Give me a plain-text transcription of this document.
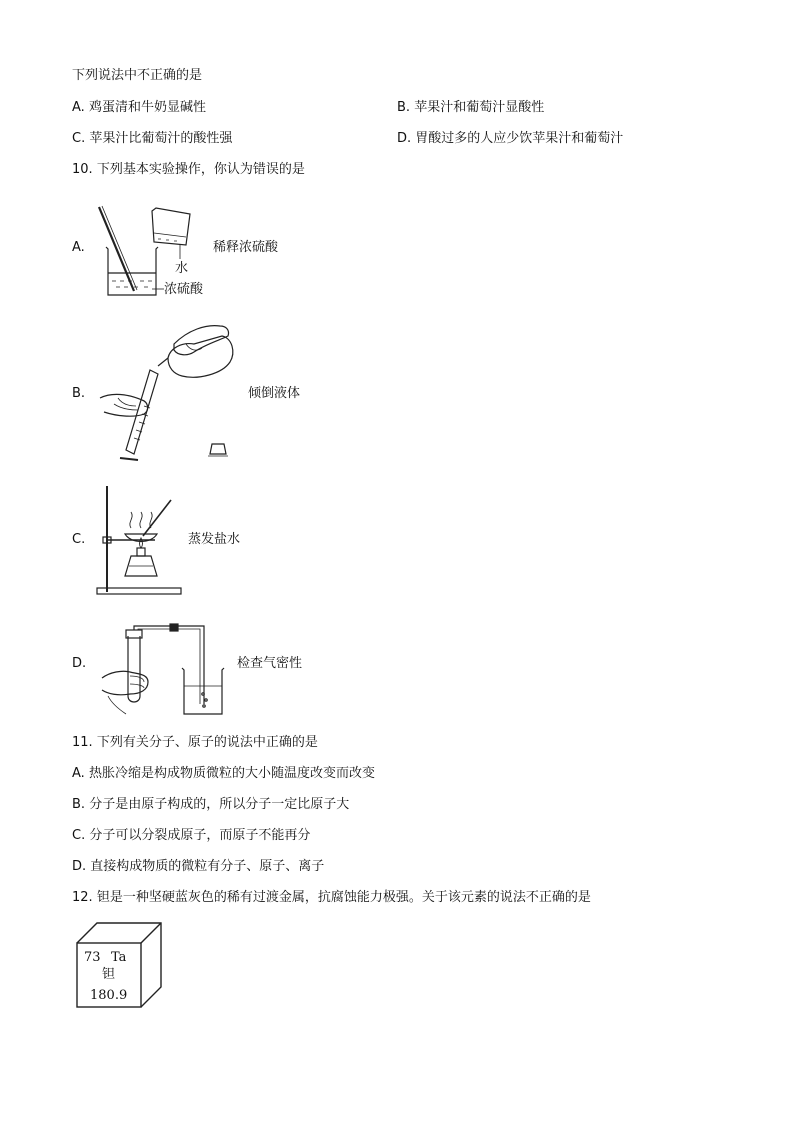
下列说法中不正确的是
A. 鸡蛋清和牛奶显碱性	B. 苹果汁和葡萄汁显酸性
C. 苹果汁比葡萄汁的酸性强	D. 胃酸过多的人应少饮苹果汁和葡萄汁
10. 下列基本实验操作，你认为错误的是
A.	稀释浓硫酸
水
浓硫酸
B.	倾倒液体
C.	蒸发盐水
D.	检查气密性
11. 下列有关分子、原子的说法中正确的是
A. 热胀冷缩是构成物质微粒的大小随温度改变而改变
B. 分子是由原子构成的，所以分子一定比原子大
C. 分子可以分裂成原子，而原子不能再分
D. 直接构成物质的微粒有分子、原子、离子
12. 钽是一种坚硬蓝灰色的稀有过渡金属，抗腐蚀能力极强。关于该元素的说法不正确的是
73 Ta
钽
180.9
